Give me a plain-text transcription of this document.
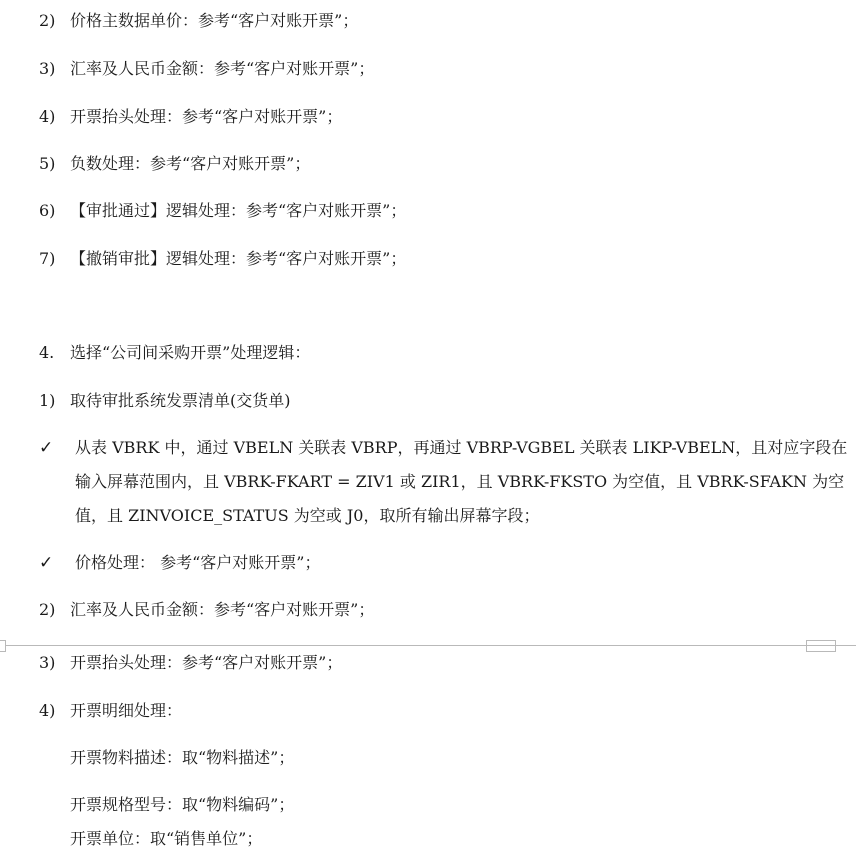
2) 价格主数据单价：参考“客户对账开票”；
3) 汇率及人民币金额：参考“客户对账开票”；
4) 开票抬头处理：参考“客户对账开票”；
5) 负数处理：参考“客户对账开票”；
6) 【审批通过】逻辑处理：参考“客户对账开票”；
7) 【撤销审批】逻辑处理：参考“客户对账开票”；
4. 选择“公司间采购开票”处理逻辑：
1) 取待审批系统发票清单(交货单)
✓ 从表 VBRK 中，通过 VBELN 关联表 VBRP，再通过 VBRP-VGBEL 关联表 LIKP-VBELN，且对应字段在
输入屏幕范围内，且 VBRK-FKART = ZIV1 或 ZIR1，且 VBRK-FKSTO 为空值，且 VBRK-SFAKN 为空
值，且 ZINVOICE_STATUS 为空或 J0，取所有输出屏幕字段；
✓ 价格处理： 参考“客户对账开票”；
2) 汇率及人民币金额：参考“客户对账开票”；
3) 开票抬头处理：参考“客户对账开票”；
4) 开票明细处理：
开票物料描述：取“物料描述”；
开票规格型号：取“物料编码”；
开票单位：取“销售单位”；
